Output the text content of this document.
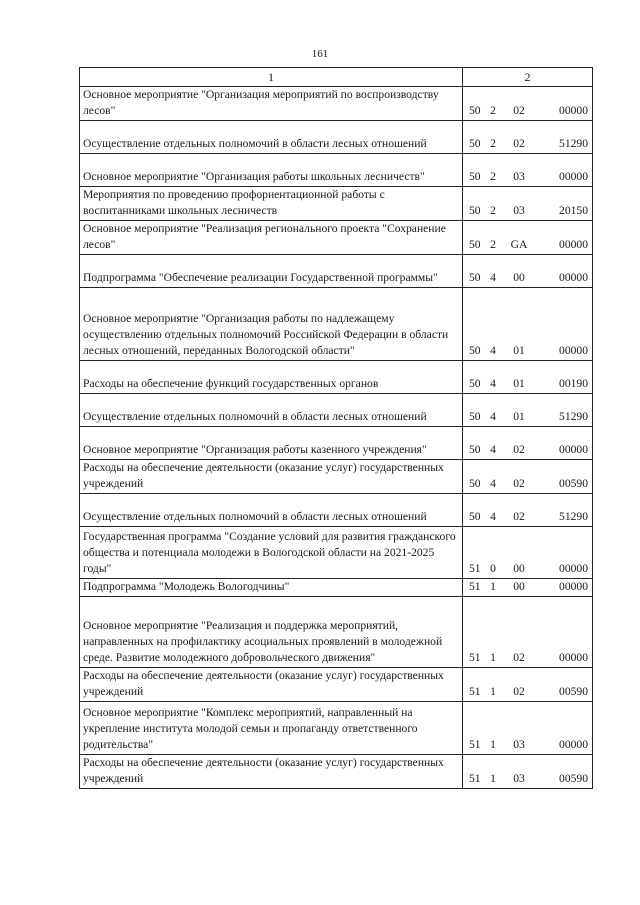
161
1	2

Основное мероприятие "Организация мероприятий по воспроизводству лесов"	50 2 02 00000

Осуществление отдельных полномочий в области лесных отношений	50 2 02 51290

Основное мероприятие "Организация работы школьных лесничеств"	50 2 03 00000

Мероприятия по проведению профориентационной работы с воспитанниками школьных лесничеств	50 2 03 20150

Основное мероприятие "Реализация регионального проекта "Сохранение лесов"	50 2 GA 00000

Подпрограмма "Обеспечение реализации Государственной программы"	50 4 00 00000

Основное мероприятие "Организация работы по надлежащему осуществлению отдельных полномочий Российской Федерации в области лесных отношений, переданных Вологодской области"	50 4 01 00000

Расходы на обеспечение функций государственных органов	50 4 01 00190

Осуществление отдельных полномочий в области лесных отношений	50 4 01 51290

Основное мероприятие "Организация работы казенного учреждения"	50 4 02 00000

Расходы на обеспечение деятельности (оказание услуг) государственных учреждений	50 4 02 00590

Осуществление отдельных полномочий в области лесных отношений	50 4 02 51290

Государственная программа "Создание условий для развития гражданского общества и потенциала молодежи в Вологодской области на 2021-2025 годы"	51 0 00 00000

Подпрограмма "Молодежь Вологодчины"	51 1 00 00000

Основное мероприятие "Реализация и поддержка мероприятий, направленных на профилактику асоциальных проявлений в молодежной среде. Развитие молодежного добровольческого движения"	51 1 02 00000

Расходы на обеспечение деятельности (оказание услуг) государственных учреждений	51 1 02 00590

Основное мероприятие "Комплекс мероприятий, направленный на укрепление института молодой семьи и пропаганду ответственного родительства"	51 1 03 00000

Расходы на обеспечение деятельности (оказание услуг) государственных учреждений	51 1 03 00590
